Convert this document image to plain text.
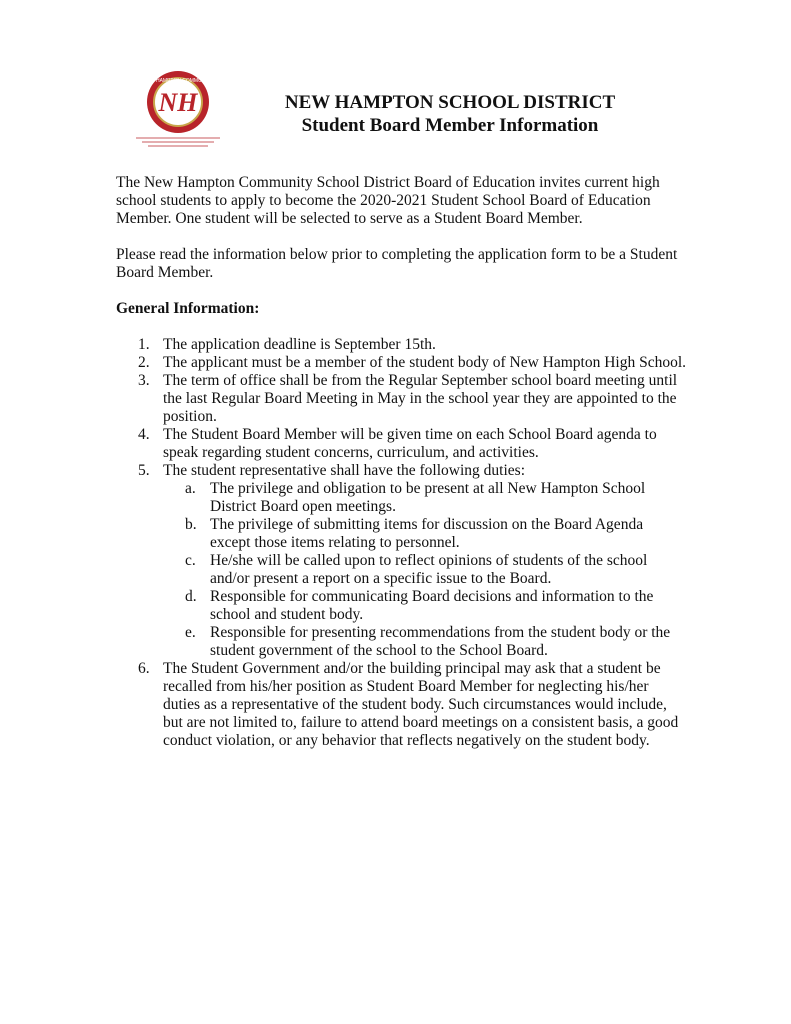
NH
NEW HAMPTON COMMUNITY
NEW HAMPTON SCHOOL DISTRICT
Student Board Member Information

The New Hampton Community School District Board of Education invites current high school students to apply to become the 2020-2021 Student School Board of Education Member. One student will be selected to serve as a Student Board Member.

Please read the information below prior to completing the application form to be a Student Board Member.

General Information:

1. The application deadline is September 15th.
2. The applicant must be a member of the student body of New Hampton High School.
3. The term of office shall be from the Regular September school board meeting until the last Regular Board Meeting in May in the school year they are appointed to the position.
4. The Student Board Member will be given time on each School Board agenda to speak regarding student concerns, curriculum, and activities.
5. The student representative shall have the following duties:
a. The privilege and obligation to be present at all New Hampton School District Board open meetings.
b. The privilege of submitting items for discussion on the Board Agenda except those items relating to personnel.
c. He/she will be called upon to reflect opinions of students of the school and/or present a report on a specific issue to the Board.
d. Responsible for communicating Board decisions and information to the school and student body.
e. Responsible for presenting recommendations from the student body or the student government of the school to the School Board.
6. The Student Government and/or the building principal may ask that a student be recalled from his/her position as Student Board Member for neglecting his/her duties as a representative of the student body. Such circumstances would include, but are not limited to, failure to attend board meetings on a consistent basis, a good conduct violation, or any behavior that reflects negatively on the student body.
